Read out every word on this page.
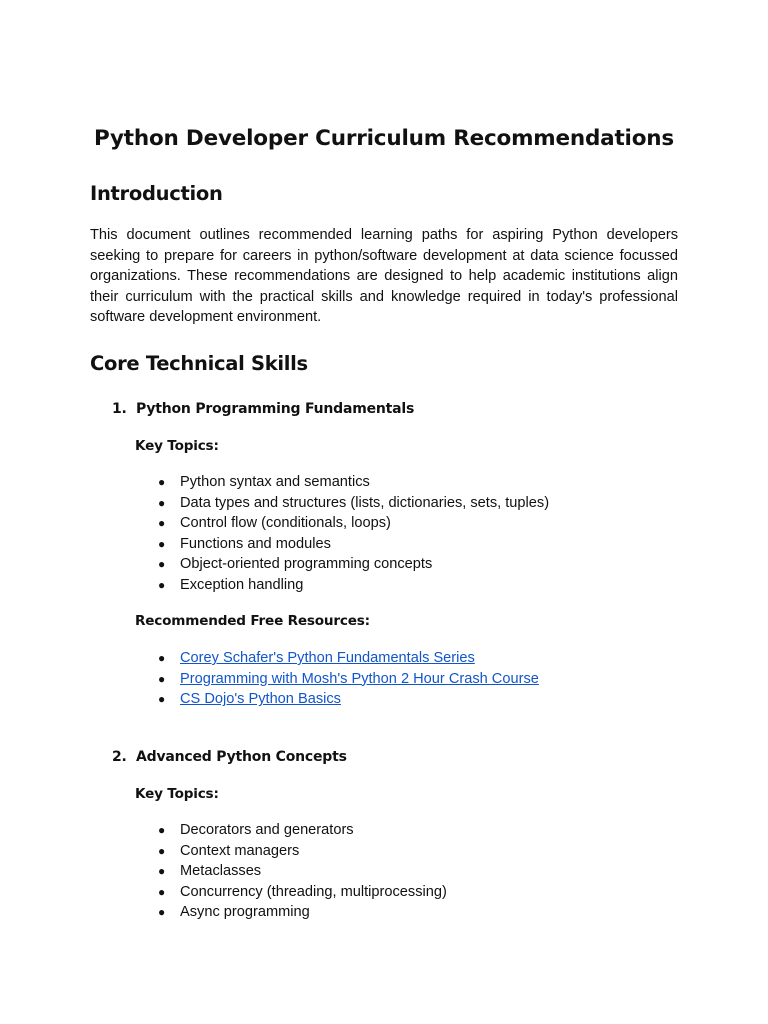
Python Developer Curriculum Recommendations
Introduction

This document outlines recommended learning paths for aspiring Python developers seeking to prepare for careers in python/software development at data science focussed organizations. These recommendations are designed to help academic institutions align their curriculum with the practical skills and knowledge required in today's professional software development environment.

Core Technical Skills
1. Python Programming Fundamentals
Key Topics:
● Python syntax and semantics
● Data types and structures (lists, dictionaries, sets, tuples)
● Control flow (conditionals, loops)
● Functions and modules
● Object-oriented programming concepts
● Exception handling
Recommended Free Resources:
● Corey Schafer's Python Fundamentals Series
● Programming with Mosh's Python 2 Hour Crash Course
● CS Dojo's Python Basics
2. Advanced Python Concepts
Key Topics:
● Decorators and generators
● Context managers
● Metaclasses
● Concurrency (threading, multiprocessing)
● Async programming
